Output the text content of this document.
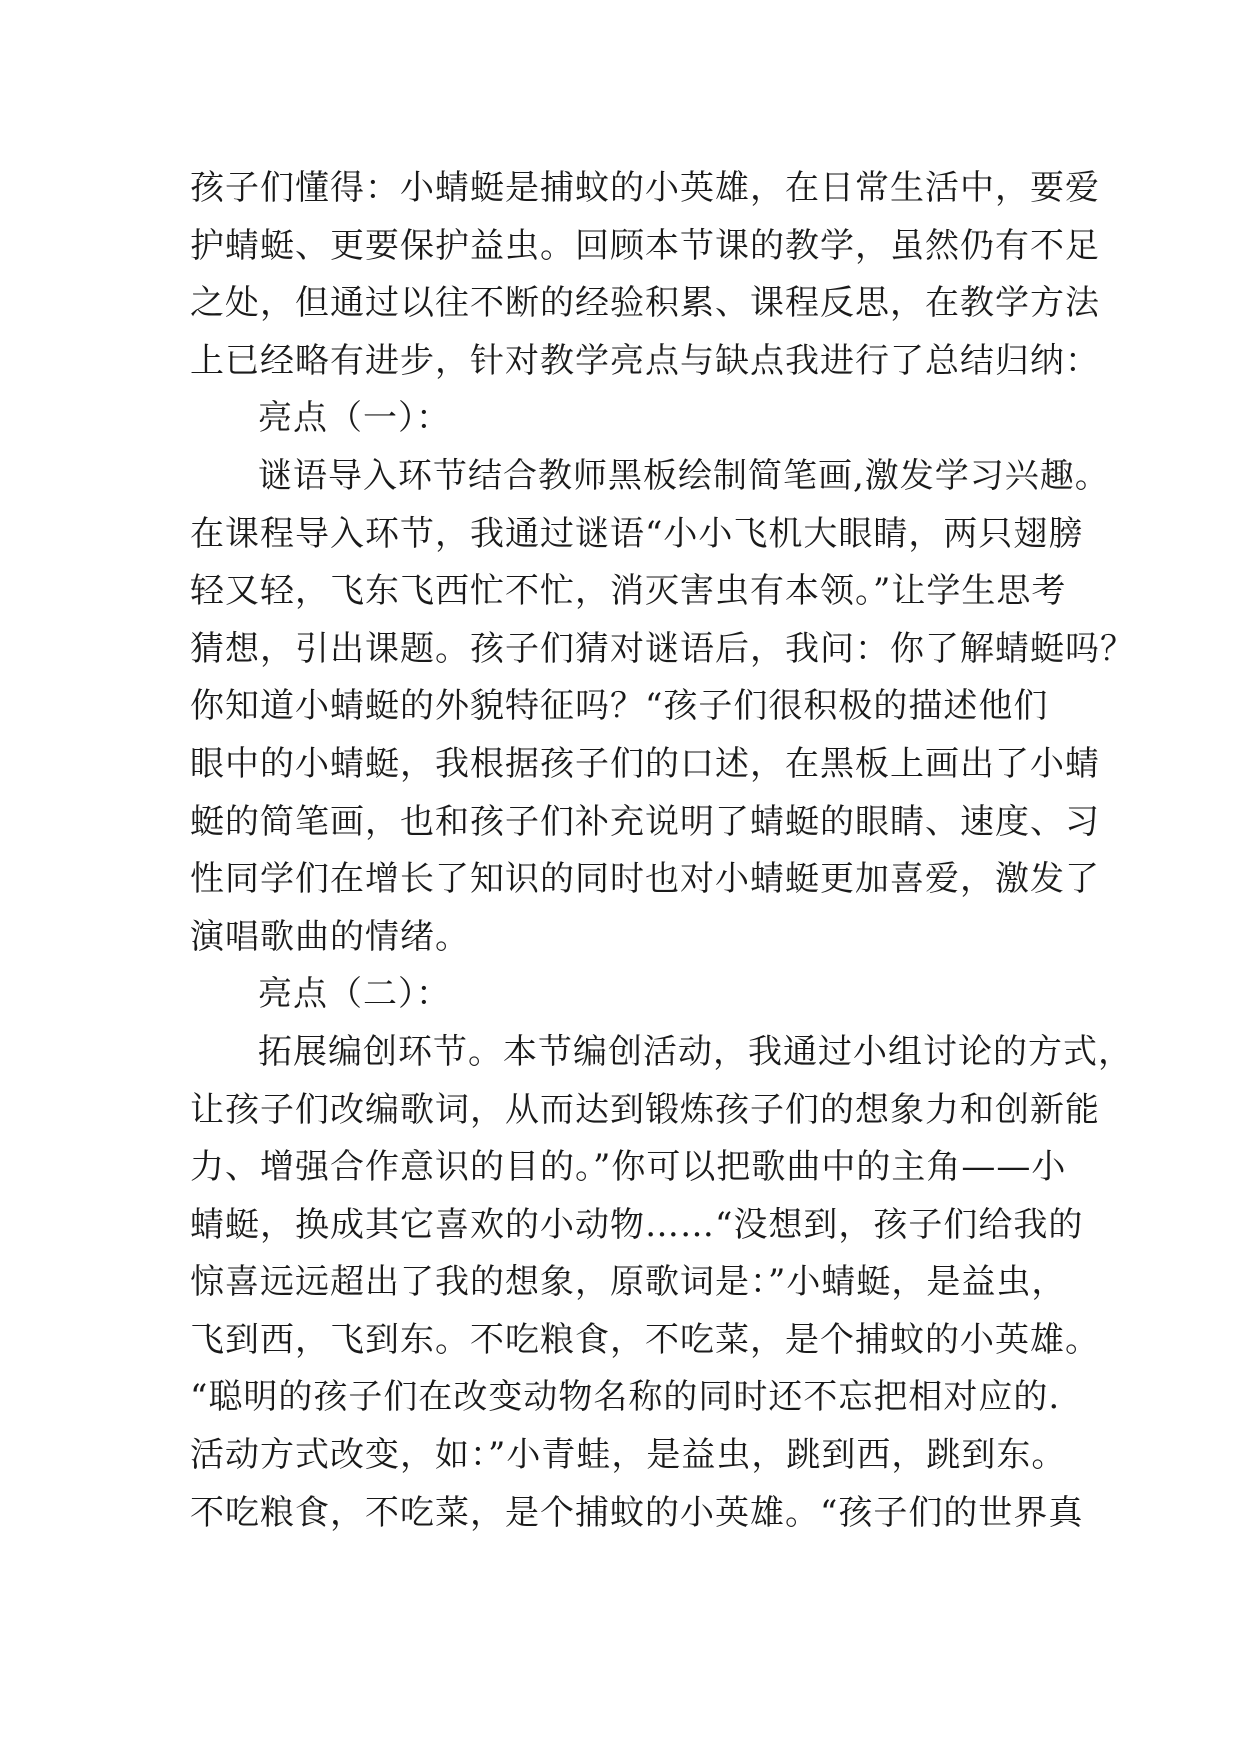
孩子们懂得：小蜻蜓是捕蚊的小英雄，在日常生活中，要爱
护蜻蜓、更要保护益虫。回顾本节课的教学，虽然仍有不足
之处，但通过以往不断的经验积累、课程反思，在教学方法
上已经略有进步，针对教学亮点与缺点我进行了总结归纳：
亮点（一）：
谜语导入环节结合教师黑板绘制简笔画,激发学习兴趣。
在课程导入环节，我通过谜语“小小飞机大眼睛，两只翅膀
轻又轻，飞东飞西忙不忙，消灭害虫有本领。”让学生思考
猜想，引出课题。孩子们猜对谜语后，我问：你了解蜻蜓吗？
你知道小蜻蜓的外貌特征吗？“孩子们很积极的描述他们
眼中的小蜻蜓，我根据孩子们的口述，在黑板上画出了小蜻
蜓的简笔画，也和孩子们补充说明了蜻蜓的眼睛、速度、习
性同学们在增长了知识的同时也对小蜻蜓更加喜爱，激发了
演唱歌曲的情绪。
亮点（二）：
拓展编创环节。本节编创活动，我通过小组讨论的方式，
让孩子们改编歌词，从而达到锻炼孩子们的想象力和创新能
力、增强合作意识的目的。”你可以把歌曲中的主角——小
蜻蜓，换成其它喜欢的小动物……“没想到，孩子们给我的
惊喜远远超出了我的想象，原歌词是：”小蜻蜓，是益虫，
飞到西，飞到东。不吃粮食，不吃菜，是个捕蚊的小英雄。
“聪明的孩子们在改变动物名称的同时还不忘把相对应的.
活动方式改变，如：”小青蛙，是益虫，跳到西，跳到东。
不吃粮食，不吃菜，是个捕蚊的小英雄。“孩子们的世界真
